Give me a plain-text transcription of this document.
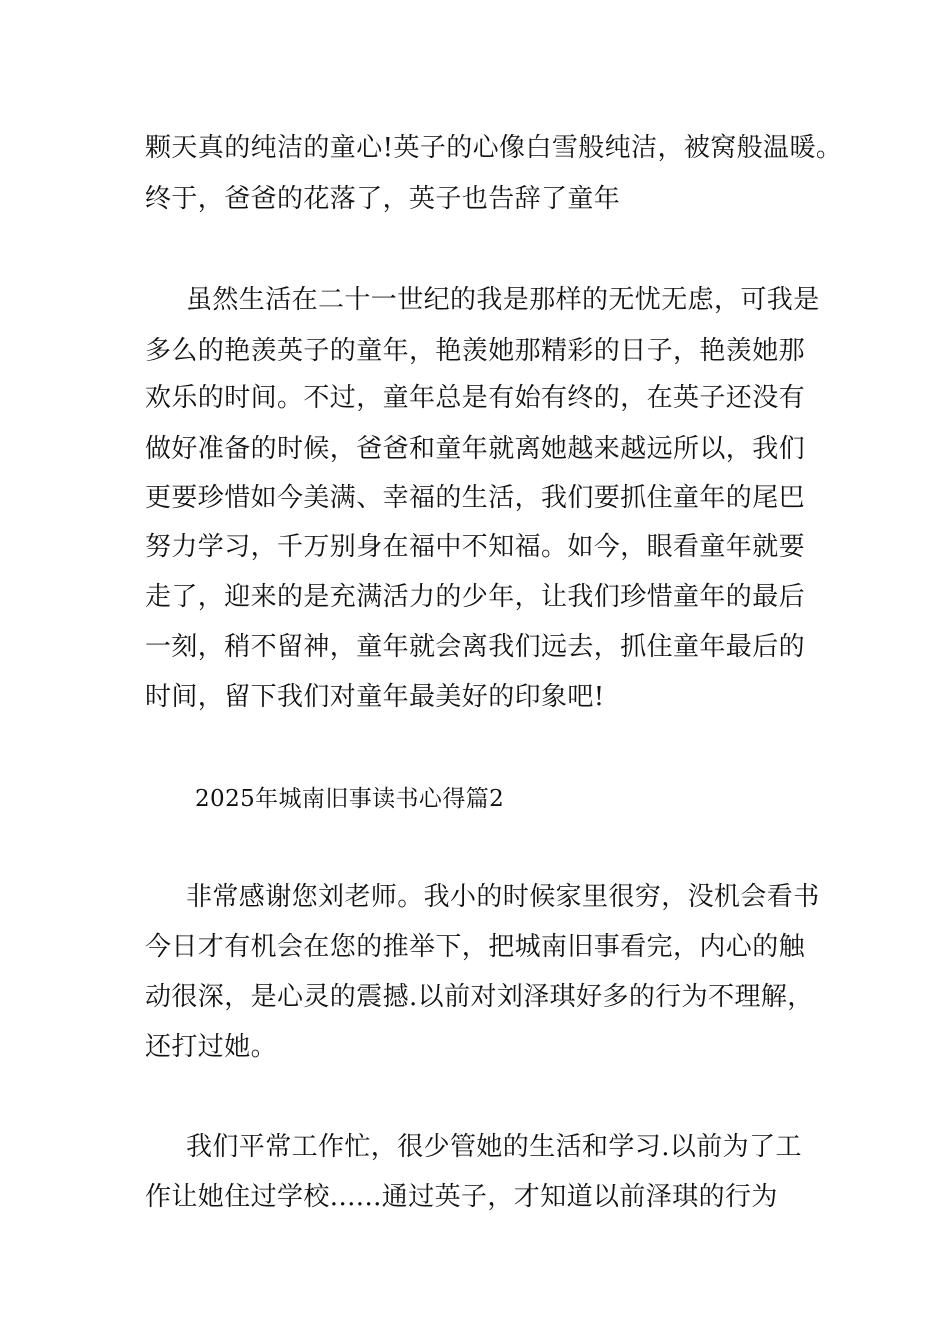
颗天真的纯洁的童心!英子的心像白雪般纯洁，被窝般温暖。
终于，爸爸的花落了，英子也告辞了童年
虽然生活在二十一世纪的我是那样的无忧无虑，可我是
多么的艳羡英子的童年，艳羡她那精彩的日子，艳羡她那
欢乐的时间。不过，童年总是有始有终的，在英子还没有
做好准备的时候，爸爸和童年就离她越来越远所以，我们
更要珍惜如今美满、幸福的生活，我们要抓住童年的尾巴
努力学习，千万别身在福中不知福。如今，眼看童年就要
走了，迎来的是充满活力的少年，让我们珍惜童年的最后
一刻，稍不留神，童年就会离我们远去，抓住童年最后的
时间，留下我们对童年最美好的印象吧!
2025年城南旧事读书心得篇2
非常感谢您刘老师。我小的时候家里很穷，没机会看书
今日才有机会在您的推举下，把城南旧事看完，内心的触
动很深，是心灵的震撼.以前对刘泽琪好多的行为不理解，
还打过她。
我们平常工作忙，很少管她的生活和学习.以前为了工
作让她住过学校......通过英子，才知道以前泽琪的行为
